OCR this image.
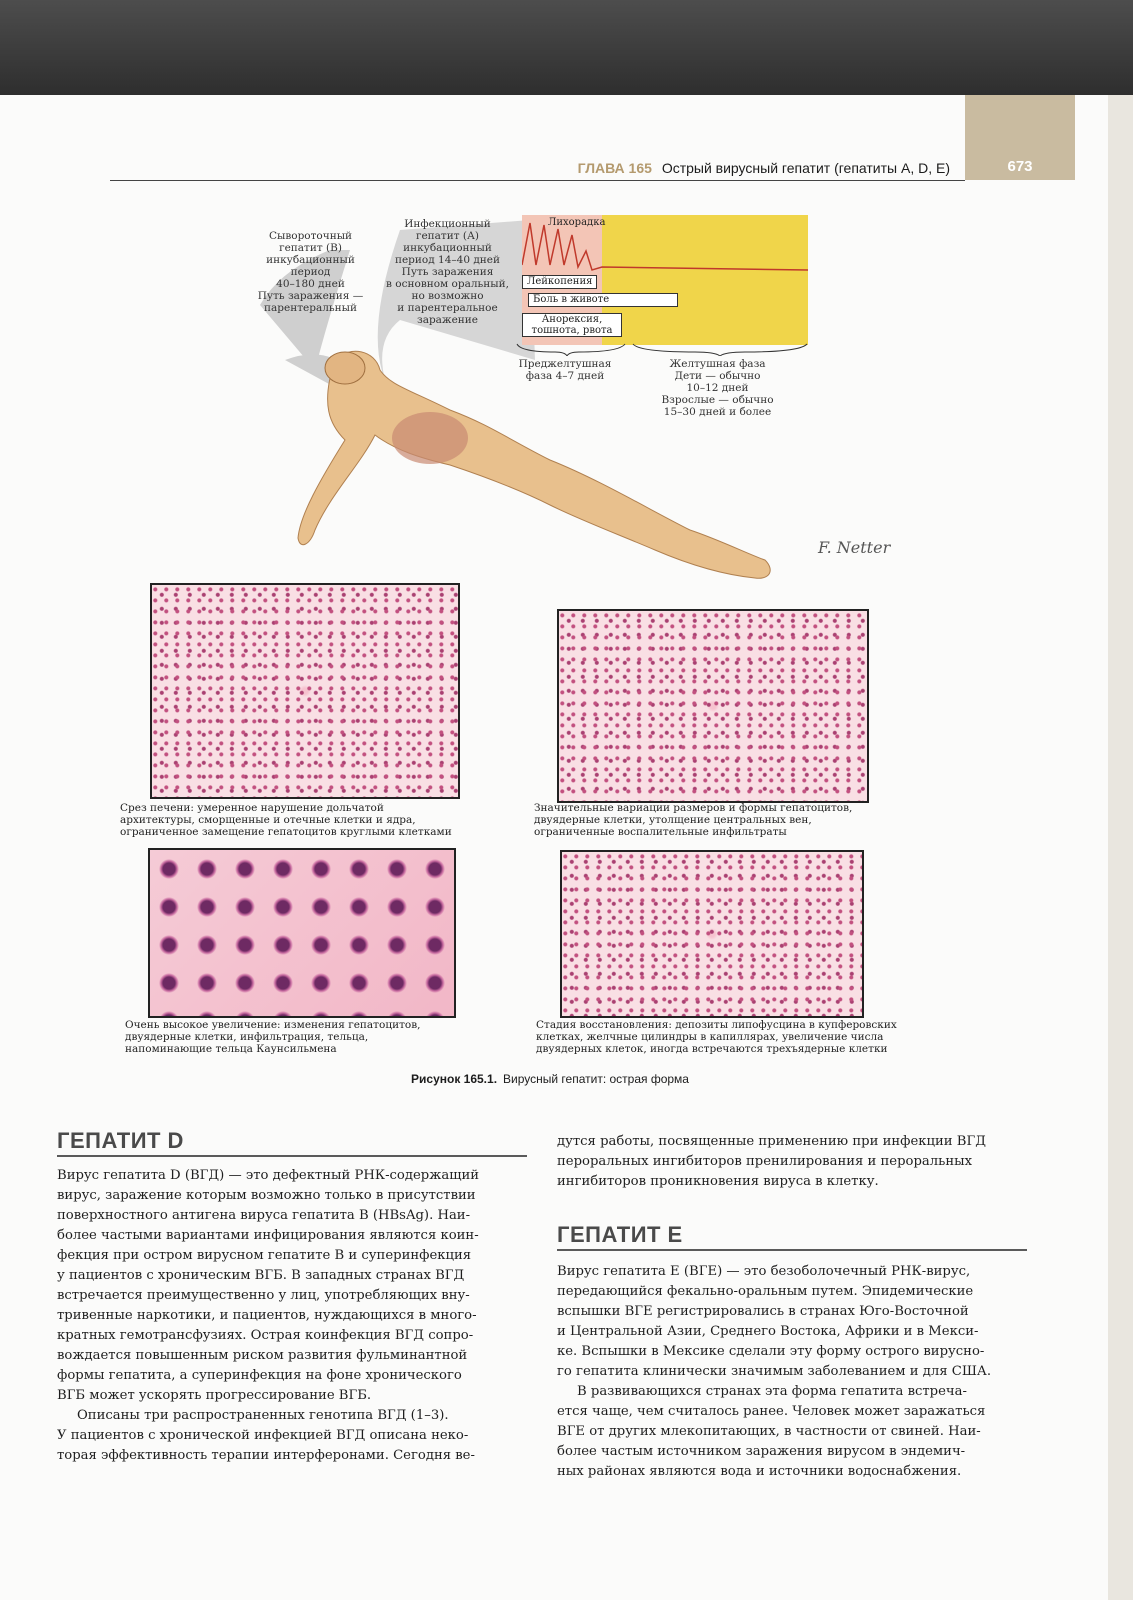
673
ГЛАВА 165 Острый вирусный гепатит (гепатиты A, D, E)
Сывороточный
гепатит (В)
инкубационный
период
40–180 дней
Путь заражения —
парентеральный
Инфекционный
гепатит (А)
инкубационный
период 14–40 дней
Путь заражения
в основном оральный,
но возможно
и парентеральное
заражение
Лихорадка
Лейкопения
Боль в животе
Анорексия,
тошнота, рвота
Преджелтушная
фаза 4–7 дней
Желтушная фаза
Дети — обычно
10–12 дней
Взрослые — обычно
15–30 дней и более
F. Netter
Срез печени: умеренное нарушение дольчатой
архитектуры, сморщенные и отечные клетки и ядра,
ограниченное замещение гепатоцитов круглыми клетками
Значительные вариации размеров и формы гепатоцитов,
двуядерные клетки, утолщение центральных вен,
ограниченные воспалительные инфильтраты
Очень высокое увеличение: изменения гепатоцитов,
двуядерные клетки, инфильтрация, тельца,
напоминающие тельца Каунсильмена
Стадия восстановления: депозиты липофусцина в купферовских
клетках, желчные цилиндры в капиллярах, увеличение числа
двуядерных клеток, иногда встречаются трехъядерные клетки
Рисунок 165.1. Вирусный гепатит: острая форма
ГЕПАТИТ D

Вирус гепатита D (ВГД) — это дефектный РНК-содержащий

вирус, заражение которым возможно только в присутствии

поверхностного антигена вируса гепатита В (HBsAg). Наи-

более частыми вариантами инфицирования являются коин-

фекция при остром вирусном гепатите В и суперинфекция

у пациентов с хроническим ВГБ. В западных странах ВГД

встречается преимущественно у лиц, употребляющих вну-

тривенные наркотики, и пациентов, нуждающихся в много-

кратных гемотрансфузиях. Острая коинфекция ВГД сопро-

вождается повышенным риском развития фульминантной

формы гепатита, а суперинфекция на фоне хронического

ВГБ может ускорять прогрессирование ВГБ.

Описаны три распространенных генотипа ВГД (1–3).

У пациентов с хронической инфекцией ВГД описана неко-

торая эффективность терапии интерферонами. Сегодня ве-

дутся работы, посвященные применению при инфекции ВГД

пероральных ингибиторов пренилирования и пероральных

ингибиторов проникновения вируса в клетку.

ГЕПАТИТ E

Вирус гепатита E (ВГЕ) — это безоболочечный РНК-вирус,

передающийся фекально-оральным путем. Эпидемические

вспышки ВГЕ регистрировались в странах Юго-Восточной

и Центральной Азии, Среднего Востока, Африки и в Мекси-

ке. Вспышки в Мексике сделали эту форму острого вирусно-

го гепатита клинически значимым заболеванием и для США.

В развивающихся странах эта форма гепатита встреча-

ется чаще, чем считалось ранее. Человек может заражаться

ВГЕ от других млекопитающих, в частности от свиней. Наи-

более частым источником заражения вирусом в эндемич-

ных районах являются вода и источники водоснабжения.
